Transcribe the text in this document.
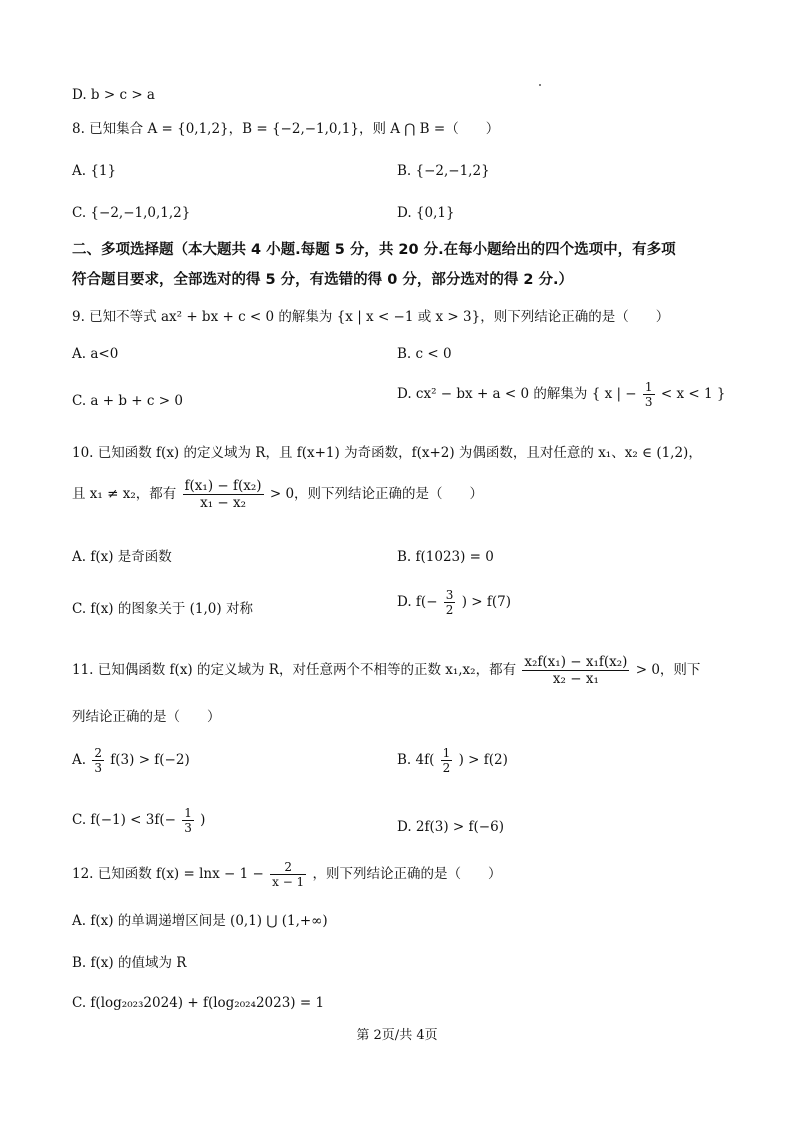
D. b > c > a
8. 已知集合 A = {0,1,2}，B = {−2,−1,0,1}，则 A ⋂ B =（　　）
A. {1}	B. {−2,−1,2}
C. {−2,−1,0,1,2}	D. {0,1}
二、多项选择题（本大题共 4 小题.每题 5 分，共 20 分.在每小题给出的四个选项中，有多项
符合题目要求，全部选对的得 5 分，有选错的得 0 分，部分选对的得 2 分.）
9. 已知不等式 ax² + bx + c < 0 的解集为 {x | x < −1 或 x > 3}，则下列结论正确的是（　　）
A. a<0	B. c < 0
C. a + b + c > 0	D. cx² − bx + a < 0 的解集为 { x | − $\frac{1}{3} < x < 1$ }
10. 已知函数 f(x) 的定义域为 R，且 f(x+1) 为奇函数，f(x+2) 为偶函数，且对任意的 x₁、x₂ ∈ (1,2)，
且 x₁ ≠ x₂，都有 $\frac{\text{f(x₁) − f(x₂)}}{\text{x₁ − x₂}} > 0$，则下列结论正确的是（　　）
A. f(x) 是奇函数	B. f(1023) = 0
C. f(x) 的图象关于 (1,0) 对称	D. $f(- \frac{3}{2}$ ) > f(7)
11. 已知偶函数 f(x) 的定义域为 R，对任意两个不相等的正数 x₁,x₂，都有 $\frac{\text{x₂f(x₁) − x₁f(x₂)}}{\text{x₂ − x₁}} > 0$，则下
列结论正确的是（　　）
A. $\frac{2}{3} f(3) > f(-2)$	B. $4f( \frac{1}{2}$ ) > f(2)
C. $f(-1) < 3f(- \frac{1}{3}$ )	D. 2f(3) > f(−6)
12. 已知函数 $f(x) = \ln x - 1 - \frac{2}{x - 1}$ ，则下列结论正确的是（　　）
A. f(x) 的单调递增区间是 (0,1) ⋃ (1,+∞)
B. f(x) 的值域为 R
C. f(log₂₀₂₃2024) + f(log₂₀₂₄2023) = 1
第 2页/共 4页
